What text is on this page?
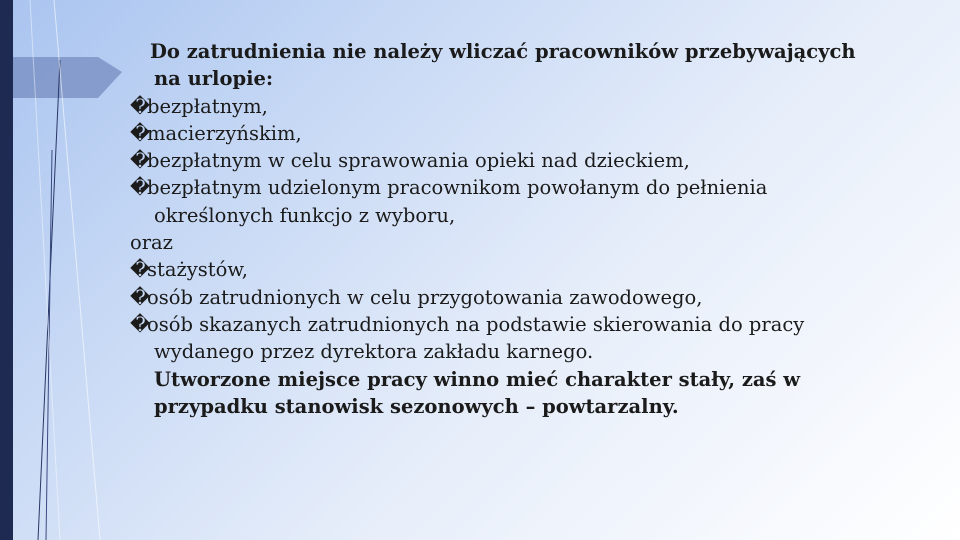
Do zatrudnienia nie należy wliczać pracowników przebywających
na urlopie:
�bezpłatnym,
�macierzyńskim,
�bezpłatnym w celu sprawowania opieki nad dzieckiem,
�bezpłatnym udzielonym pracownikom powołanym do pełnienia
określonych funkcjo z wyboru,
oraz
�stażystów,
�osób zatrudnionych w celu przygotowania zawodowego,
�osób skazanych zatrudnionych na podstawie skierowania do pracy
wydanego przez dyrektora zakładu karnego.
Utworzone miejsce pracy winno mieć charakter stały, zaś w
przypadku stanowisk sezonowych – powtarzalny.
